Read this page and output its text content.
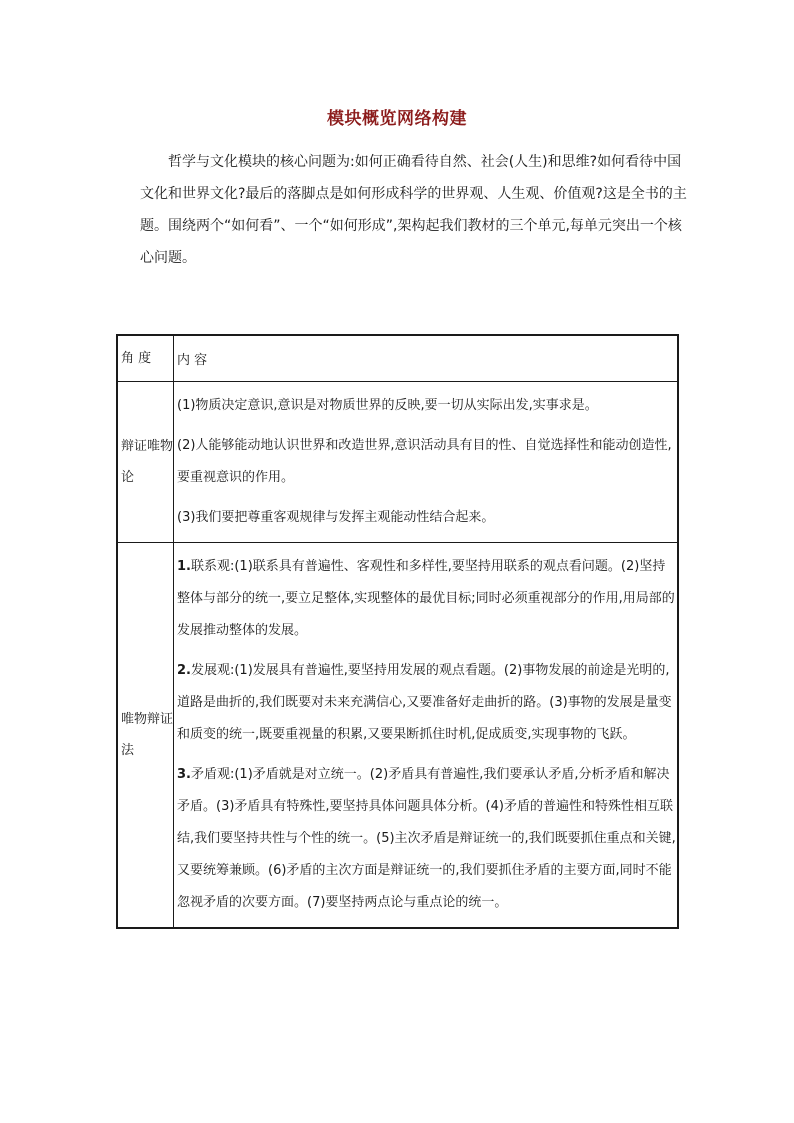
模块概览网络构建

哲学与文化模块的核心问题为:如何正确看待自然、社会(人生)和思维?如何看待中国文化和世界文化?最后的落脚点是如何形成科学的世界观、人生观、价值观?这是全书的主题。围绕两个“如何看”、一个“如何形成”,架构起我们教材的三个单元,每单元突出一个核心问题。

角 度	内 容
辩证唯物论	(1)物质决定意识,意识是对物质世界的反映,要一切从实际出发,实事求是。

(2)人能够能动地认识世界和改造世界,意识活动具有目的性、自觉选择性和能动创造性,要重视意识的作用。

(3)我们要把尊重客观规律与发挥主观能动性结合起来。

唯物辩证法	1.联系观:(1)联系具有普遍性、客观性和多样性,要坚持用联系的观点看问题。(2)坚持整体与部分的统一,要立足整体,实现整体的最优目标;同时必须重视部分的作用,用局部的发展推动整体的发展。

2.发展观:(1)发展具有普遍性,要坚持用发展的观点看题。(2)事物发展的前途是光明的,道路是曲折的,我们既要对未来充满信心,又要准备好走曲折的路。(3)事物的发展是量变和质变的统一,既要重视量的积累,又要果断抓住时机,促成质变,实现事物的飞跃。

3.矛盾观:(1)矛盾就是对立统一。(2)矛盾具有普遍性,我们要承认矛盾,分析矛盾和解决矛盾。(3)矛盾具有特殊性,要坚持具体问题具体分析。(4)矛盾的普遍性和特殊性相互联结,我们要坚持共性与个性的统一。(5)主次矛盾是辩证统一的,我们既要抓住重点和关键,又要统筹兼顾。(6)矛盾的主次方面是辩证统一的,我们要抓住矛盾的主要方面,同时不能忽视矛盾的次要方面。(7)要坚持两点论与重点论的统一。
